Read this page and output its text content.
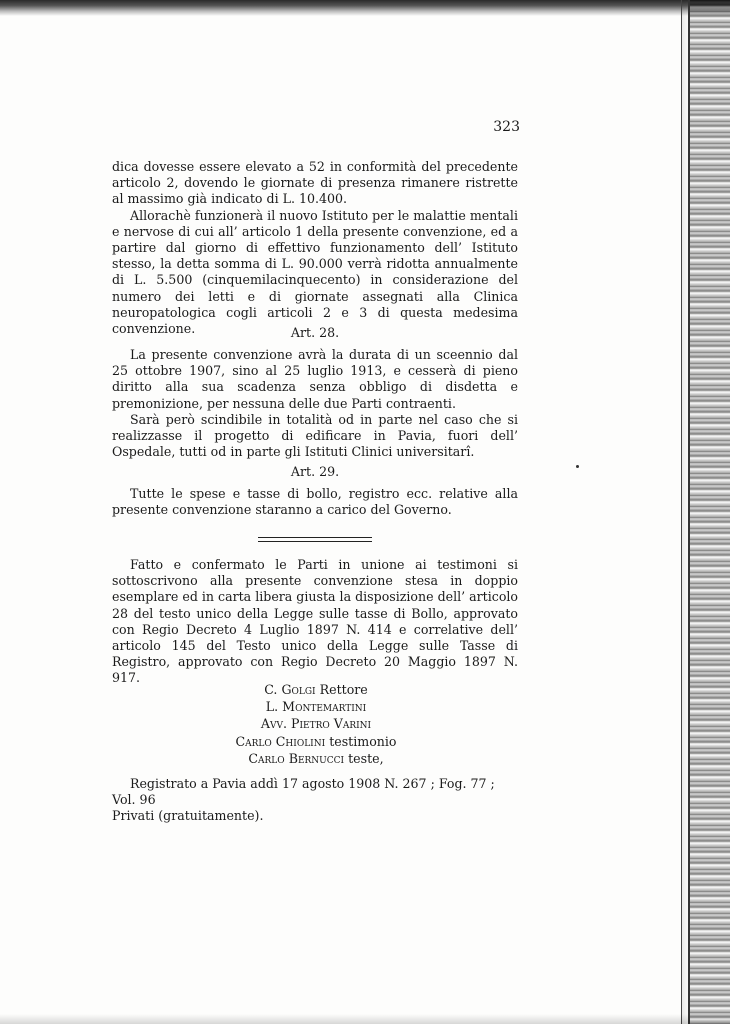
323

dica dovesse essere elevato a 52 in conformità del precedente articolo 2, dovendo le giornate di presenza rimanere ristrette al massimo già indicato di L. 10.400.

Allorachè funzionerà il nuovo Istituto per le malattie mentali e nervose di cui all’ articolo 1 della presente convenzione, ed a partire dal giorno di effettivo funzionamento dell’ Istituto stesso, la detta somma di L. 90.000 verrà ridotta annualmente di L. 5.500 (cinquemilacinquecento) in considerazione del numero dei letti e di giornate assegnati alla Clinica neuropatologica cogli articoli 2 e 3 di questa medesima convenzione.	Art. 28.

La presente convenzione avrà la durata di un sceennio dal 25 ottobre 1907, sino al 25 luglio 1913, e cesserà di pieno diritto alla sua scadenza senza obbligo di disdetta e premonizione, per nessuna delle due Parti contraenti.

Sarà però scindibile in totalità od in parte nel caso che si realizzasse il progetto di edificare in Pavia, fuori dell’ Ospedale, tutti od in parte gli Istituti Clinici universitarî.

Art. 29.

Tutte le spese e tasse di bollo, registro ecc. relative alla presente convenzione staranno a carico del Governo.

Fatto e confermato le Parti in unione ai testimoni si sottoscrivono alla presente convenzione stesa in doppio esemplare ed in carta libera giusta la disposizione dell’ articolo 28 del testo unico della Legge sulle tasse di Bollo, approvato con Regio Decreto 4 Luglio 1897 N. 414 e correlative dell’ articolo 145 del Testo unico della Legge sulle Tasse di Registro, approvato con Regio Decreto 20 Maggio 1897 N. 917.

C. Golgi Rettore
L. Montemartini
Avv. Pietro Varini
Carlo Chiolini testimonio
Carlo Bernucci teste,

Registrato a Pavia addì 17 agosto 1908 N. 267 ; Fog. 77 ; Vol. 96

Privati (gratuitamente).
